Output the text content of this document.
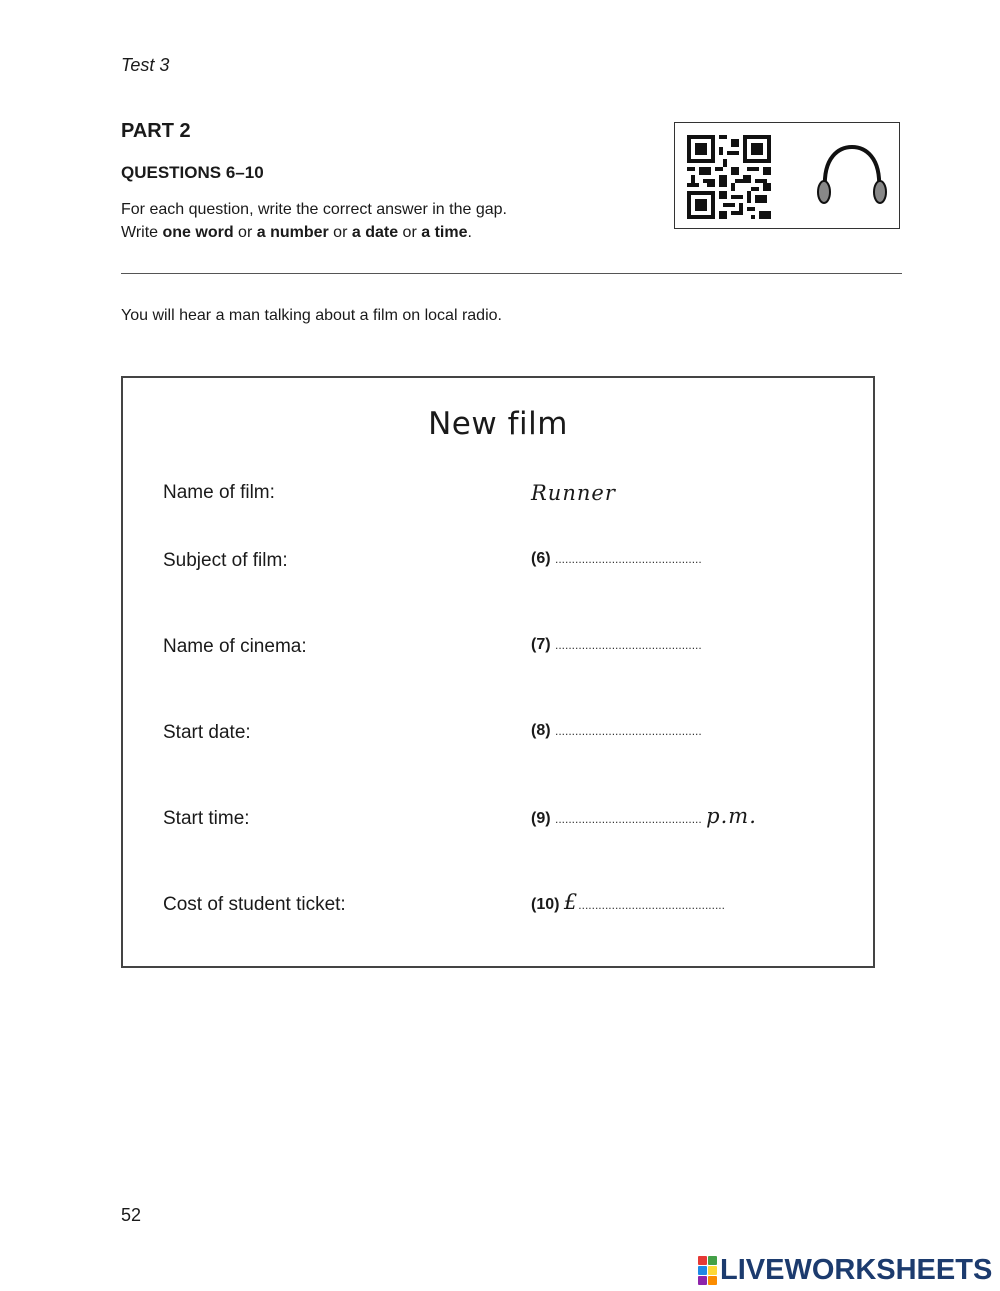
Test 3
PART 2
QUESTIONS 6–10
For each question, write the correct answer in the gap.
Write one word or a number or a date or a time.
You will hear a man talking about a film on local radio.
New film
Name of film:	Runner
Subject of film:	(6) ............................................
Name of cinema:	(7) ............................................
Start date:	(8) ............................................
Start time:	(9) ............................................ p.m.
Cost of student ticket:	(10) £............................................
52
LIVEWORKSHEETS
